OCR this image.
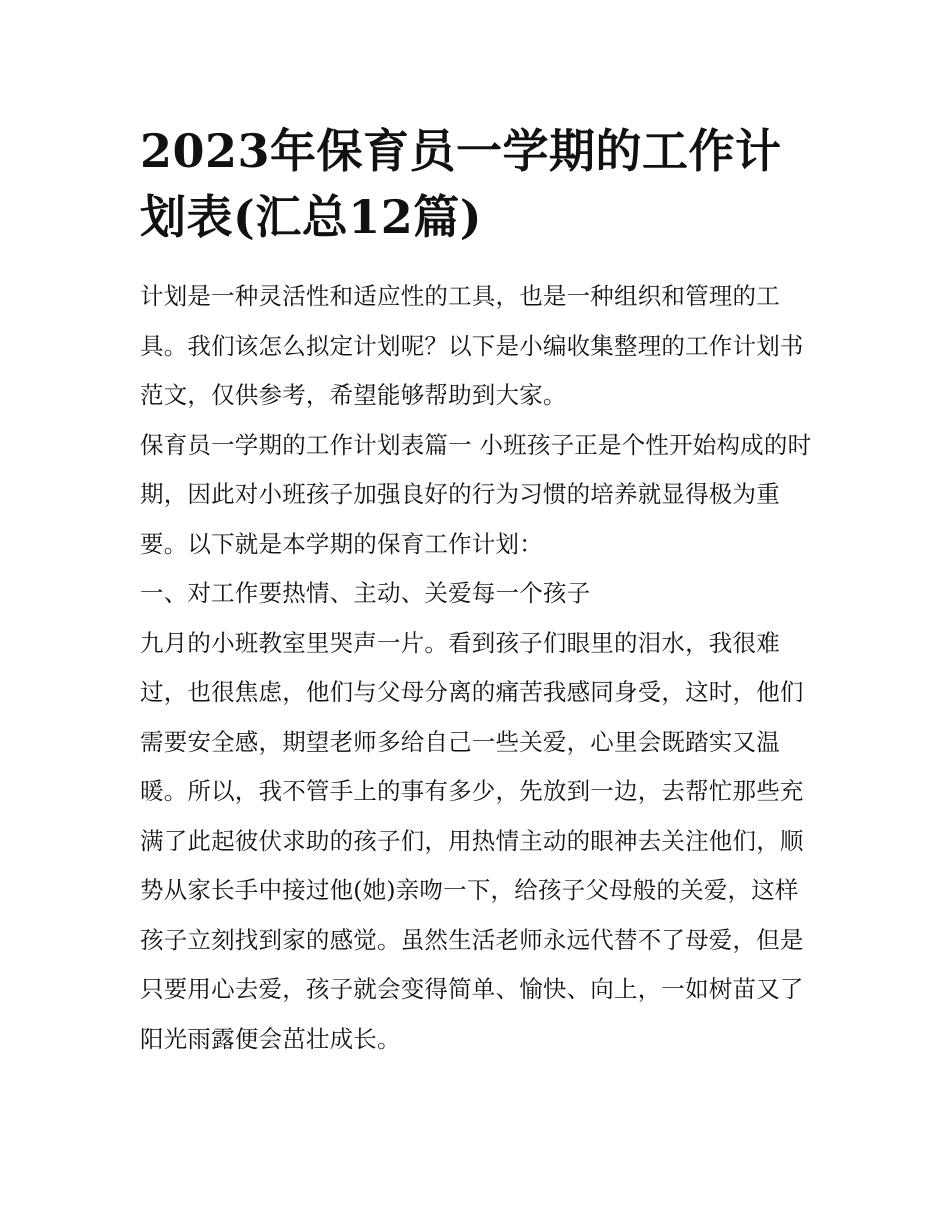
2023年保育员一学期的工作计划表(汇总12篇)

计划是一种灵活性和适应性的工具，也是一种组织和管理的工具。我们该怎么拟定计划呢？以下是小编收集整理的工作计划书范文，仅供参考，希望能够帮助到大家。

保育员一学期的工作计划表篇一 小班孩子正是个性开始构成的时期，因此对小班孩子加强良好的行为习惯的培养就显得极为重要。以下就是本学期的保育工作计划：

一、对工作要热情、主动、关爱每一个孩子

九月的小班教室里哭声一片。看到孩子们眼里的泪水，我很难过，也很焦虑，他们与父母分离的痛苦我感同身受，这时，他们需要安全感，期望老师多给自己一些关爱，心里会既踏实又温暖。所以，我不管手上的事有多少，先放到一边，去帮忙那些充满了此起彼伏求助的孩子们，用热情主动的眼神去关注他们，顺势从家长手中接过他(她)亲吻一下，给孩子父母般的关爱，这样孩子立刻找到家的感觉。虽然生活老师永远代替不了母爱，但是只要用心去爱，孩子就会变得简单、愉快、向上，一如树苗又了阳光雨露便会茁壮成长。
